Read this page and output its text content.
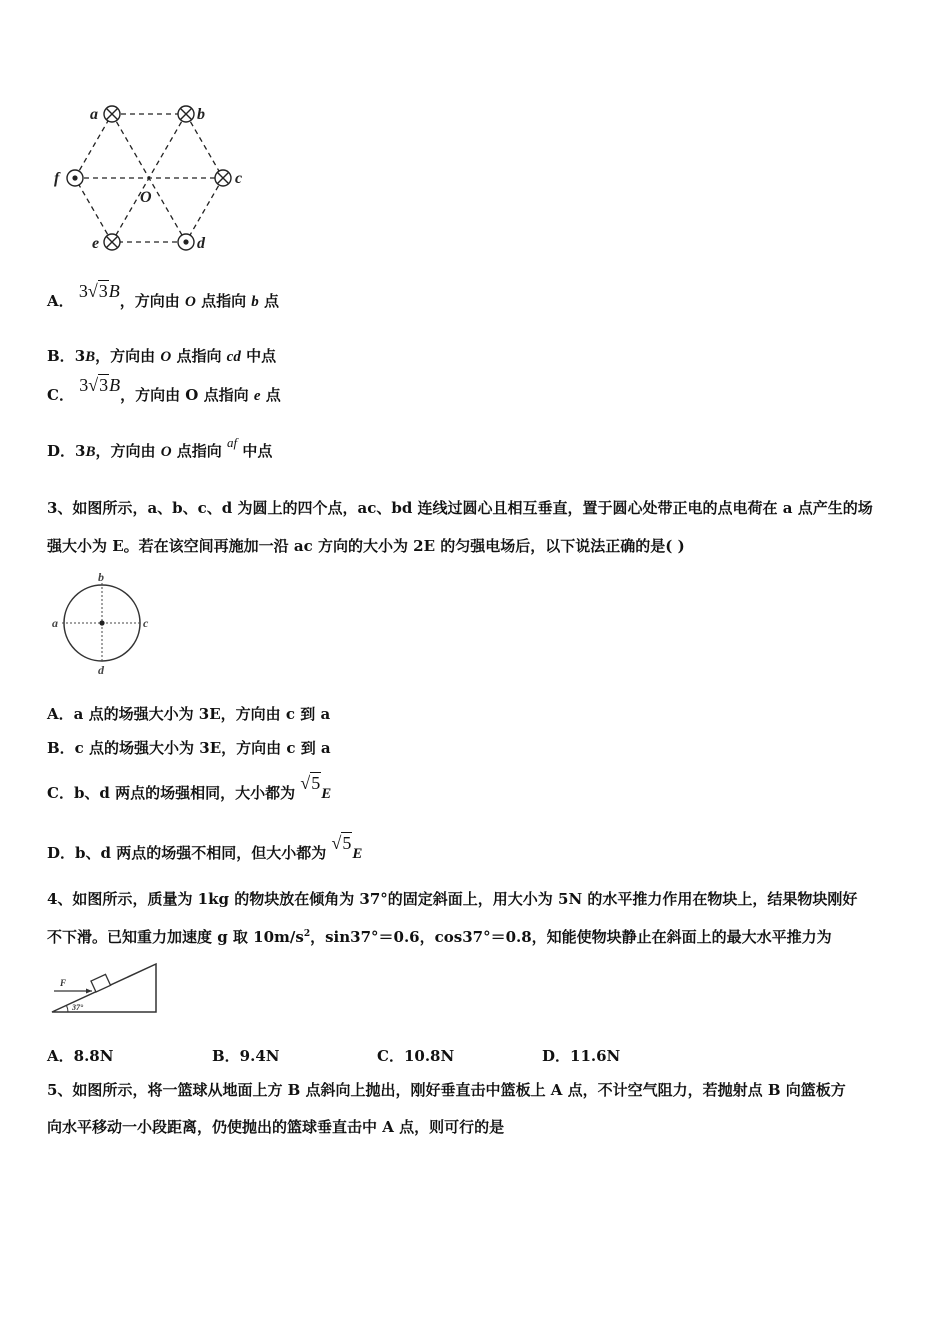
a	b
c
d
e
f
O
A． 3√3B，方向由 O 点指向 b 点
B．3B，方向由 O 点指向 cd 中点
C． 3√3B，方向由 O 点指向 e 点
D．3B，方向由 O 点指向 af 中点
3、如图所示，a、b、c、d 为圆上的四个点，ac、bd 连线过圆心且相互垂直，置于圆心处带正电的点电荷在 a 点产生的场
强大小为 E。若在该空间再施加一沿 ac 方向的大小为 2E 的匀强电场后，以下说法正确的是( )
a
b
c
d
A．a 点的场强大小为 3E，方向由 c 到 a
B．c 点的场强大小为 3E，方向由 c 到 a
C．b、d 两点的场强相同，大小都为 √5E
D．b、d 两点的场强不相同，但大小都为 √5E
4、如图所示，质量为 1kg 的物块放在倾角为 37°的固定斜面上，用大小为 5N 的水平推力作用在物块上，结果物块刚好
不下滑。已知重力加速度 g 取 $10m/s^2$，sin37°＝0.6，cos37°＝0.8，知能使物块静止在斜面上的最大水平推力为
F
37°
A．8.8N	B．9.4N	C．10.8N	D．11.6N
5、如图所示，将一篮球从地面上方 B 点斜向上抛出，刚好垂直击中篮板上 A 点，不计空气阻力，若抛射点 B 向篮板方
向水平移动一小段距离，仍使抛出的篮球垂直击中 A 点，则可行的是
